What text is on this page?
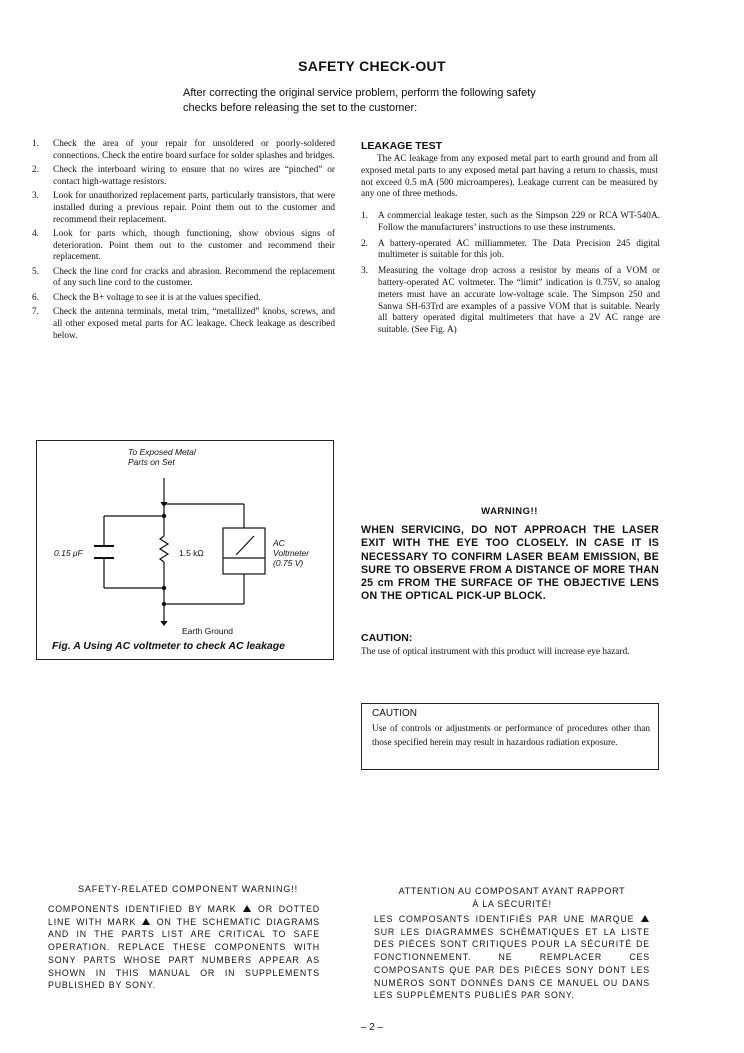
SAFETY CHECK-OUT
After correcting the original service problem, perform the following safety checks before releasing the set to the customer:
1. Check the area of your repair for unsoldered or poorly-soldered connections. Check the entire board surface for solder splashes and bridges.
2. Check the interboard wiring to ensure that no wires are “pinched” or contact high-wattage resistors.
3. Look for unauthorized replacement parts, particularly transistors, that were installed during a previous repair. Point them out to the customer and recommend their replacement.
4. Look for parts which, though functioning, show obvious signs of deterioration. Point them out to the customer and recommend their replacement.
5. Check the line cord for cracks and abrasion. Recommend the replacement of any such line cord to the customer.
6. Check the B+ voltage to see it is at the values specified.
7. Check the antenna terminals, metal trim, “metallized” knobs, screws, and all other exposed metal parts for AC leakage. Check leakage as described below.
LEAKAGE TEST
The AC leakage from any exposed metal part to earth ground and from all exposed metal parts to any exposed metal part having a return to chassis, must not exceed 0.5 mA (500 microamperes). Leakage current can be measured by any one of three methods.
1. A commercial leakage tester, such as the Simpson 229 or RCA WT-540A. Follow the manufacturers’ instructions to use these instruments.
2. A battery-operated AC milliammeter. The Data Precision 245 digital multimeter is suitable for this job.
3. Measuring the voltage drop across a resistor by means of a VOM or battery-operated AC voltmeter. The “limit” indication is 0.75V, so analog meters must have an accurate low-voltage scale. The Simpson 250 and Sanwa SH-63Trd are examples of a passive VOM that is suitable. Nearly all battery operated digital multimeters that have a 2V AC range are suitable. (See Fig. A)
To Exposed Metal
Parts on Set
0.15 μF	1.5 kΩ
AC
Voltmeter
(0.75 V)
Earth Ground
Fig. A Using AC voltmeter to check AC leakage
WARNING!!
WHEN SERVICING, DO NOT APPROACH THE LASER EXIT WITH THE EYE TOO CLOSELY. IN CASE IT IS NECESSARY TO CONFIRM LASER BEAM EMISSION, BE SURE TO OBSERVE FROM A DISTANCE OF MORE THAN 25 cm FROM THE SURFACE OF THE OBJECTIVE LENS ON THE OPTICAL PICK-UP BLOCK.
CAUTION:
The use of optical instrument with this product will increase eye hazard.
CAUTION
Use of controls or adjustments or performance of procedures other than those specified herein may result in hazardous radiation exposure.
SAFETY-RELATED COMPONENT WARNING!!
COMPONENTS IDENTIFIED BY MARK OR DOTTED LINE WITH MARK ON THE SCHEMATIC DIAGRAMS AND IN THE PARTS LIST ARE CRITICAL TO SAFE OPERATION. REPLACE THESE COMPONENTS WITH SONY PARTS WHOSE PART NUMBERS APPEAR AS SHOWN IN THIS MANUAL OR IN SUPPLEMENTS PUBLISHED BY SONY.
ATTENTION AU COMPOSANT AYANT RAPPORT
À LA SÉCURITÉ!
LES COMPOSANTS IDENTIFIÉS PAR UNE MARQUE  SUR LES DIAGRAMMES SCHÉMATIQUES ET LA LISTE DES PIÈCES SONT CRITIQUES POUR LA SÉCURITÉ DE FONCTIONNEMENT. NE REMPLACER CES COMPOSANTS QUE PAR DES PIÈCES SONY DONT LES NUMÉROS SONT DONNÉS DANS CE MANUEL OU DANS LES SUPPLÉMENTS PUBLIÉS PAR SONY.
– 2 –
